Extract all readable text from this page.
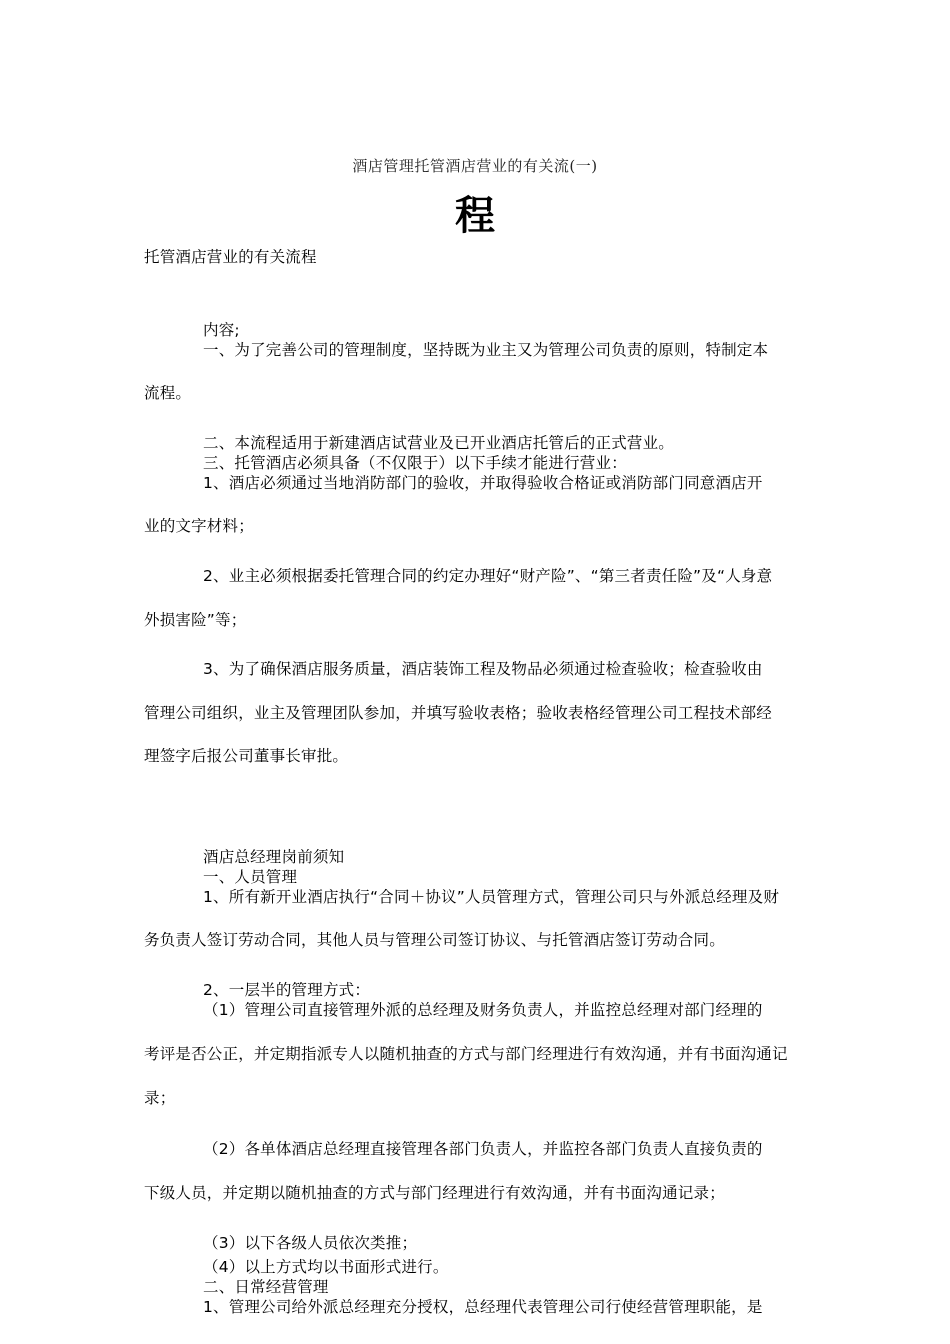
酒店管理托管酒店营业的有关流(一)
程
托管酒店营业的有关流程
内容;
一、为了完善公司的管理制度，坚持既为业主又为管理公司负责的原则，特制定本
流程。
二、本流程适用于新建酒店试营业及已开业酒店托管后的正式营业。
三、托管酒店必须具备（不仅限于）以下手续才能进行营业：
1、酒店必须通过当地消防部门的验收，并取得验收合格证或消防部门同意酒店开
业的文字材料；
2、业主必须根据委托管理合同的约定办理好“财产险”、“第三者责任险”及“人身意
外损害险”等；
3、为了确保酒店服务质量，酒店装饰工程及物品必须通过检查验收；检查验收由
管理公司组织，业主及管理团队参加，并填写验收表格；验收表格经管理公司工程技术部经
理签字后报公司董事长审批。
酒店总经理岗前须知
一、人员管理
1、所有新开业酒店执行“合同＋协议”人员管理方式，管理公司只与外派总经理及财
务负责人签订劳动合同，其他人员与管理公司签订协议、与托管酒店签订劳动合同。
2、一层半的管理方式：
（1）管理公司直接管理外派的总经理及财务负责人，并监控总经理对部门经理的
考评是否公正，并定期指派专人以随机抽查的方式与部门经理进行有效沟通，并有书面沟通记
录；
（2）各单体酒店总经理直接管理各部门负责人，并监控各部门负责人直接负责的
下级人员，并定期以随机抽查的方式与部门经理进行有效沟通，并有书面沟通记录；
（3）以下各级人员依次类推；
（4）以上方式均以书面形式进行。
二、日常经营管理
1、管理公司给外派总经理充分授权，总经理代表管理公司行使经营管理职能，是
